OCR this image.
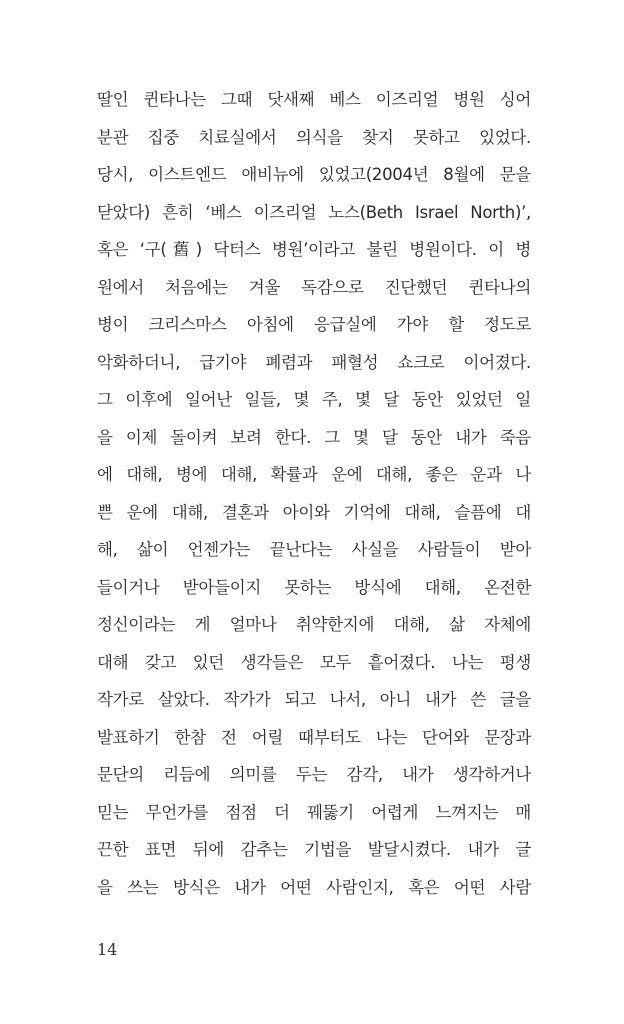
딸인 퀸타나는 그때 닷새째 베스 이즈리얼 병원 싱어
분관 집중 치료실에서 의식을 찾지 못하고 있었다.
당시, 이스트엔드 애비뉴에 있었고(2004년 8월에 문을
닫았다) 흔히 ‘베스 이즈리얼 노스(Beth Israel North)’,
혹은 ‘구(舊) 닥터스 병원’이라고 불린 병원이다. 이 병
원에서 처음에는 겨울 독감으로 진단했던 퀸타나의
병이 크리스마스 아침에 응급실에 가야 할 정도로
악화하더니, 급기야 폐렴과 패혈성 쇼크로 이어졌다.
그 이후에 일어난 일들, 몇 주, 몇 달 동안 있었던 일
을 이제 돌이켜 보려 한다. 그 몇 달 동안 내가 죽음
에 대해, 병에 대해, 확률과 운에 대해, 좋은 운과 나
쁜 운에 대해, 결혼과 아이와 기억에 대해, 슬픔에 대
해, 삶이 언젠가는 끝난다는 사실을 사람들이 받아
들이거나 받아들이지 못하는 방식에 대해, 온전한
정신이라는 게 얼마나 취약한지에 대해, 삶 자체에
대해 갖고 있던 생각들은 모두 흩어졌다. 나는 평생
작가로 살았다. 작가가 되고 나서, 아니 내가 쓴 글을
발표하기 한참 전 어릴 때부터도 나는 단어와 문장과
문단의 리듬에 의미를 두는 감각, 내가 생각하거나
믿는 무언가를 점점 더 꿰뚫기 어렵게 느껴지는 매
끈한 표면 뒤에 감추는 기법을 발달시켰다. 내가 글
을 쓰는 방식은 내가 어떤 사람인지, 혹은 어떤 사람
14
